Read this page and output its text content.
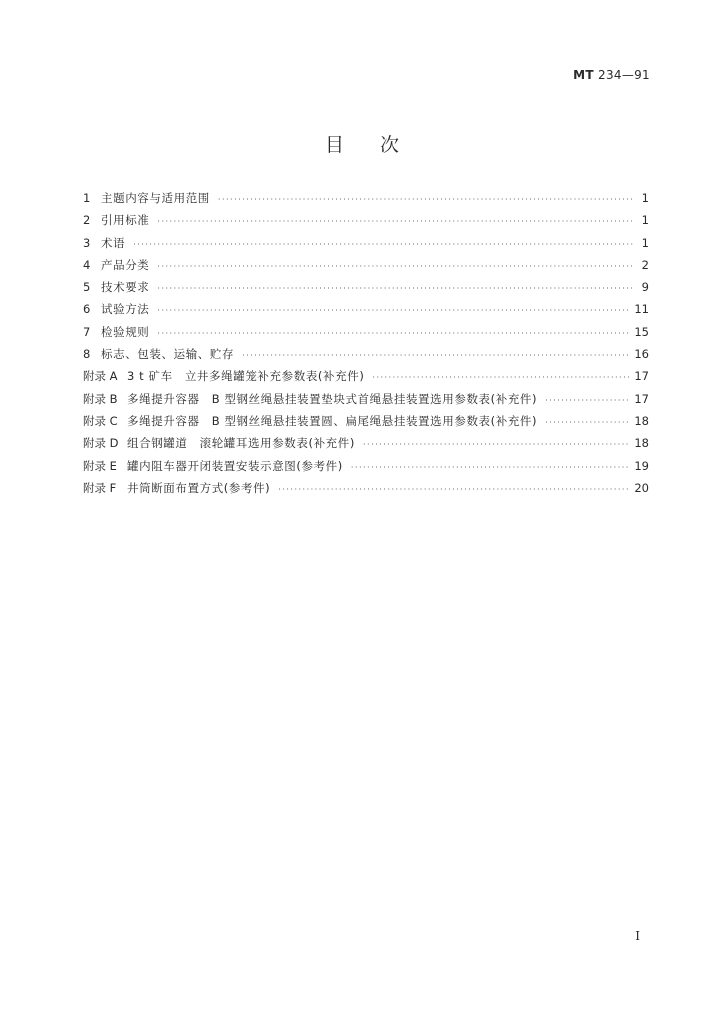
MT 234—91
目次
1 主题内容与适用范围 ·····	1
2 引用标准 ·····	1
3 术语 ·····	1
4 产品分类 ·····	2
5 技术要求 ·····	9
6 试验方法 ·····	11
7 检验规则 ·····	15
8 标志、包装、运输、贮存 ·····	16
附录 A 3 t 矿车　立井多绳罐笼补充参数表(补充件) ·····	17
附录 B 多绳提升容器　B 型钢丝绳悬挂装置垫块式首绳悬挂装置选用参数表(补充件) ·····	17
附录 C 多绳提升容器　B 型钢丝绳悬挂装置圆、扁尾绳悬挂装置选用参数表(补充件) ·····	18
附录 D 组合钢罐道　滚轮罐耳选用参数表(补充件) ·····	18
附录 E 罐内阻车器开闭装置安装示意图(参考件) ·····	19
附录 F 井筒断面布置方式(参考件) ·····	20
I
